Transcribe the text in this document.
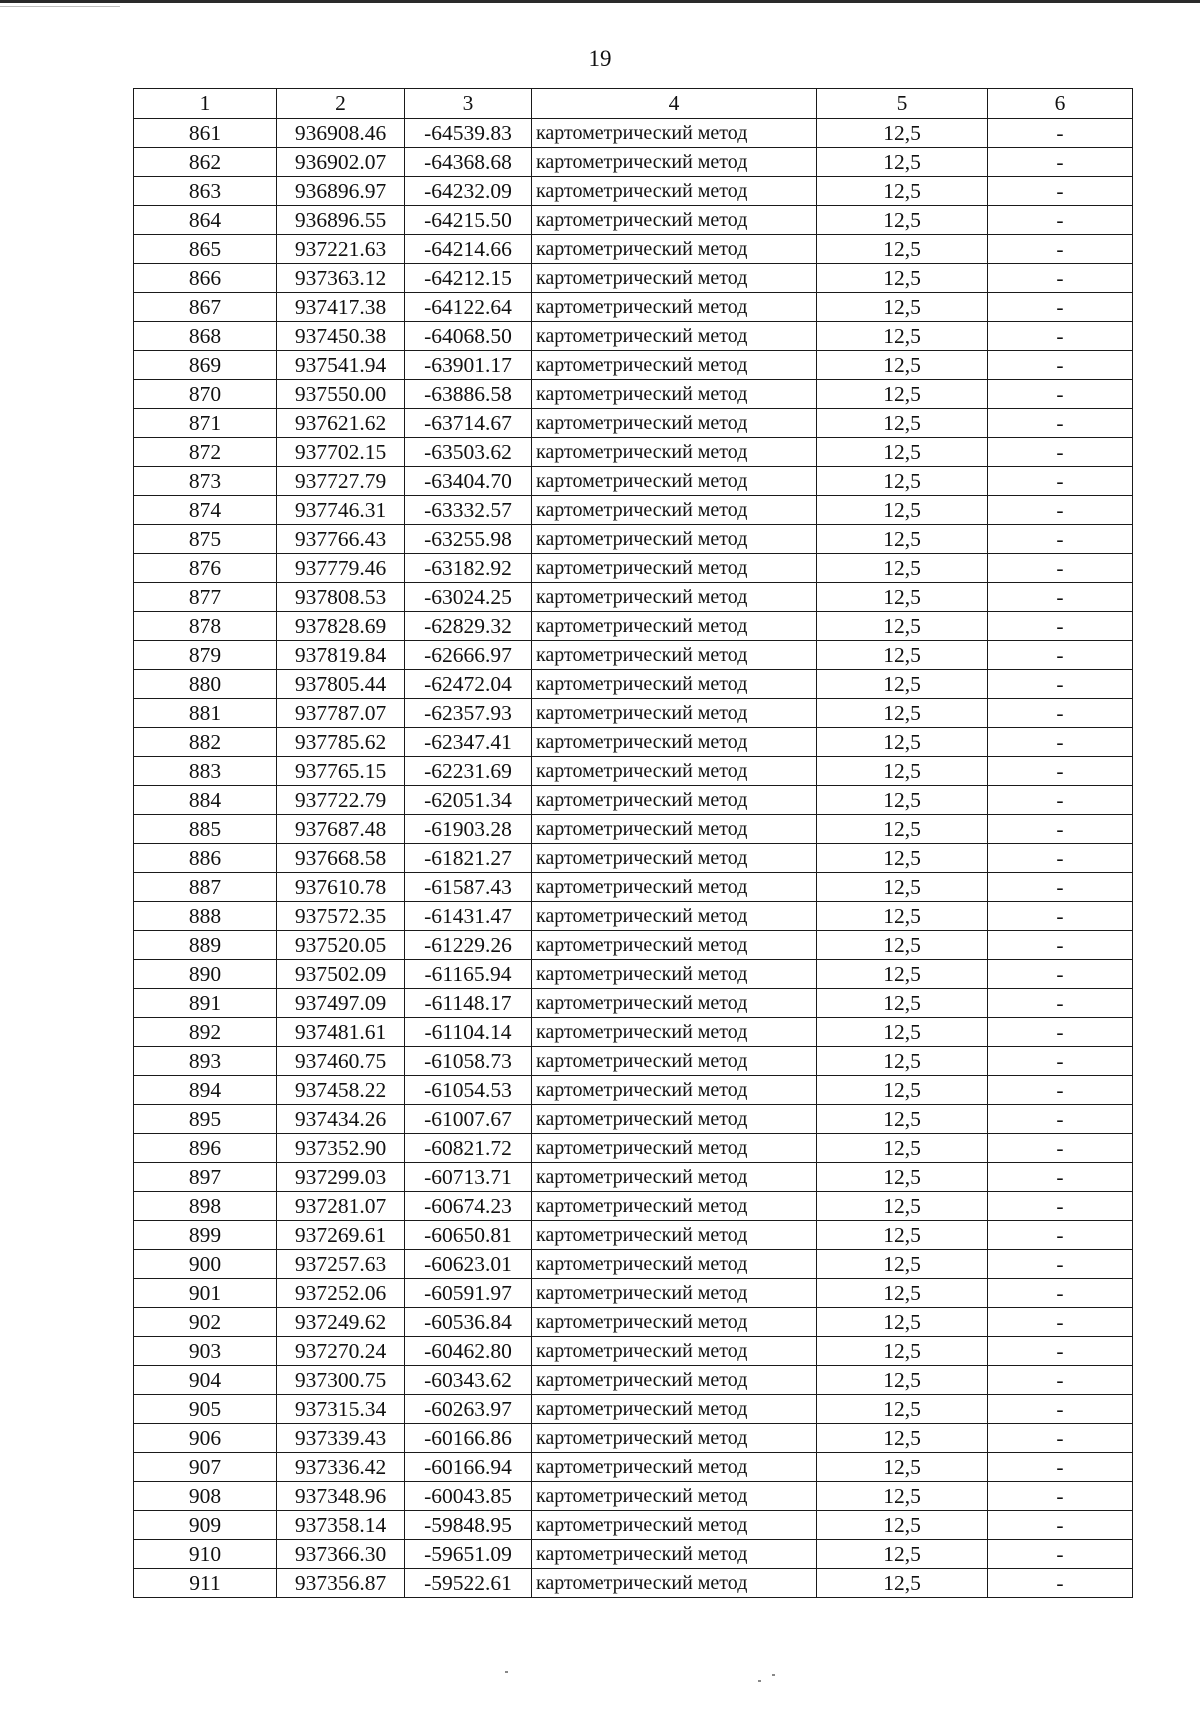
19
1	2	3	4	5	6
861	936908.46	-64539.83	картометрический метод	12,5	-
862	936902.07	-64368.68	картометрический метод	12,5	-
863	936896.97	-64232.09	картометрический метод	12,5	-
864	936896.55	-64215.50	картометрический метод	12,5	-
865	937221.63	-64214.66	картометрический метод	12,5	-
866	937363.12	-64212.15	картометрический метод	12,5	-
867	937417.38	-64122.64	картометрический метод	12,5	-
868	937450.38	-64068.50	картометрический метод	12,5	-
869	937541.94	-63901.17	картометрический метод	12,5	-
870	937550.00	-63886.58	картометрический метод	12,5	-
871	937621.62	-63714.67	картометрический метод	12,5	-
872	937702.15	-63503.62	картометрический метод	12,5	-
873	937727.79	-63404.70	картометрический метод	12,5	-
874	937746.31	-63332.57	картометрический метод	12,5	-
875	937766.43	-63255.98	картометрический метод	12,5	-
876	937779.46	-63182.92	картометрический метод	12,5	-
877	937808.53	-63024.25	картометрический метод	12,5	-
878	937828.69	-62829.32	картометрический метод	12,5	-
879	937819.84	-62666.97	картометрический метод	12,5	-
880	937805.44	-62472.04	картометрический метод	12,5	-
881	937787.07	-62357.93	картометрический метод	12,5	-
882	937785.62	-62347.41	картометрический метод	12,5	-
883	937765.15	-62231.69	картометрический метод	12,5	-
884	937722.79	-62051.34	картометрический метод	12,5	-
885	937687.48	-61903.28	картометрический метод	12,5	-
886	937668.58	-61821.27	картометрический метод	12,5	-
887	937610.78	-61587.43	картометрический метод	12,5	-
888	937572.35	-61431.47	картометрический метод	12,5	-
889	937520.05	-61229.26	картометрический метод	12,5	-
890	937502.09	-61165.94	картометрический метод	12,5	-
891	937497.09	-61148.17	картометрический метод	12,5	-
892	937481.61	-61104.14	картометрический метод	12,5	-
893	937460.75	-61058.73	картометрический метод	12,5	-
894	937458.22	-61054.53	картометрический метод	12,5	-
895	937434.26	-61007.67	картометрический метод	12,5	-
896	937352.90	-60821.72	картометрический метод	12,5	-
897	937299.03	-60713.71	картометрический метод	12,5	-
898	937281.07	-60674.23	картометрический метод	12,5	-
899	937269.61	-60650.81	картометрический метод	12,5	-
900	937257.63	-60623.01	картометрический метод	12,5	-
901	937252.06	-60591.97	картометрический метод	12,5	-
902	937249.62	-60536.84	картометрический метод	12,5	-
903	937270.24	-60462.80	картометрический метод	12,5	-
904	937300.75	-60343.62	картометрический метод	12,5	-
905	937315.34	-60263.97	картометрический метод	12,5	-
906	937339.43	-60166.86	картометрический метод	12,5	-
907	937336.42	-60166.94	картометрический метод	12,5	-
908	937348.96	-60043.85	картометрический метод	12,5	-
909	937358.14	-59848.95	картометрический метод	12,5	-
910	937366.30	-59651.09	картометрический метод	12,5	-
911	937356.87	-59522.61	картометрический метод	12,5	-
